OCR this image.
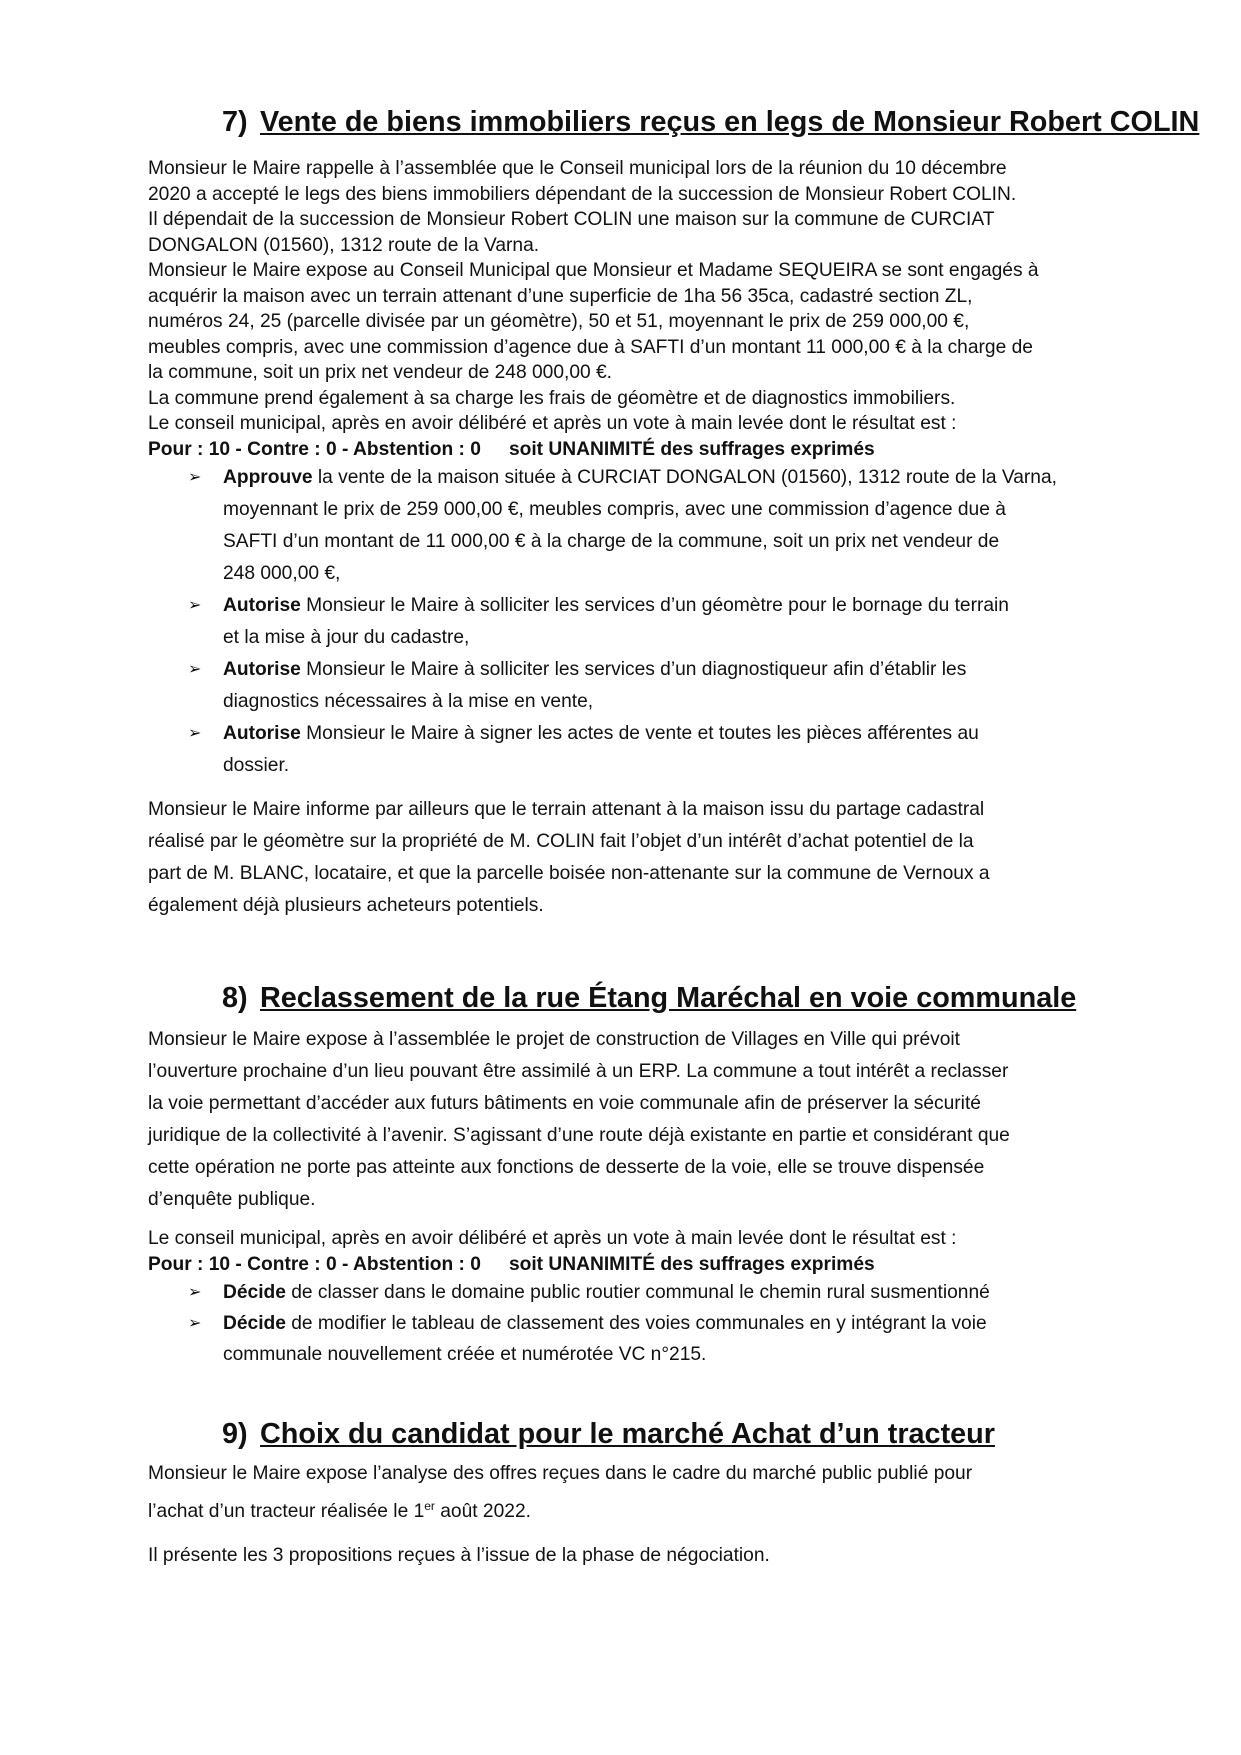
7) Vente de biens immobiliers reçus en legs de Monsieur Robert COLIN
Monsieur le Maire rappelle à l’assemblée que le Conseil municipal lors de la réunion du 10 décembre
2020 a accepté le legs des biens immobiliers dépendant de la succession de Monsieur Robert COLIN.
Il dépendait de la succession de Monsieur Robert COLIN une maison sur la commune de CURCIAT
DONGALON (01560), 1312 route de la Varna.
Monsieur le Maire expose au Conseil Municipal que Monsieur et Madame SEQUEIRA se sont engagés à
acquérir la maison avec un terrain attenant d’une superficie de 1ha 56 35ca, cadastré section ZL,
numéros 24, 25 (parcelle divisée par un géomètre), 50 et 51, moyennant le prix de 259 000,00 €,
meubles compris, avec une commission d’agence due à SAFTI d’un montant 11 000,00 € à la charge de
la commune, soit un prix net vendeur de 248 000,00 €.
La commune prend également à sa charge les frais de géomètre et de diagnostics immobiliers.
Le conseil municipal, après en avoir délibéré et après un vote à main levée dont le résultat est :
Pour : 10 - Contre : 0 - Abstention : 0 soit UNANIMITÉ des suffrages exprimés
➢ Approuve la vente de la maison située à CURCIAT DONGALON (01560), 1312 route de la Varna,
moyennant le prix de 259 000,00 €, meubles compris, avec une commission d’agence due à
SAFTI d’un montant de 11 000,00 € à la charge de la commune, soit un prix net vendeur de
248 000,00 €,
➢ Autorise Monsieur le Maire à solliciter les services d’un géomètre pour le bornage du terrain
et la mise à jour du cadastre,
➢ Autorise Monsieur le Maire à solliciter les services d’un diagnostiqueur afin d’établir les
diagnostics nécessaires à la mise en vente,
➢ Autorise Monsieur le Maire à signer les actes de vente et toutes les pièces afférentes au
dossier.
Monsieur le Maire informe par ailleurs que le terrain attenant à la maison issu du partage cadastral
réalisé par le géomètre sur la propriété de M. COLIN fait l’objet d’un intérêt d’achat potentiel de la
part de M. BLANC, locataire, et que la parcelle boisée non-attenante sur la commune de Vernoux a
également déjà plusieurs acheteurs potentiels.
8) Reclassement de la rue Étang Maréchal en voie communale
Monsieur le Maire expose à l’assemblée le projet de construction de Villages en Ville qui prévoit
l’ouverture prochaine d’un lieu pouvant être assimilé à un ERP. La commune a tout intérêt a reclasser
la voie permettant d’accéder aux futurs bâtiments en voie communale afin de préserver la sécurité
juridique de la collectivité à l’avenir. S’agissant d’une route déjà existante en partie et considérant que
cette opération ne porte pas atteinte aux fonctions de desserte de la voie, elle se trouve dispensée
d’enquête publique.
Le conseil municipal, après en avoir délibéré et après un vote à main levée dont le résultat est :
Pour : 10 - Contre : 0 - Abstention : 0 soit UNANIMITÉ des suffrages exprimés
➢ Décide de classer dans le domaine public routier communal le chemin rural susmentionné
➢ Décide de modifier le tableau de classement des voies communales en y intégrant la voie
communale nouvellement créée et numérotée VC n°215.
9) Choix du candidat pour le marché Achat d’un tracteur
Monsieur le Maire expose l’analyse des offres reçues dans le cadre du marché public publié pour
l’achat d’un tracteur réalisée le 1er août 2022.
Il présente les 3 propositions reçues à l’issue de la phase de négociation.
